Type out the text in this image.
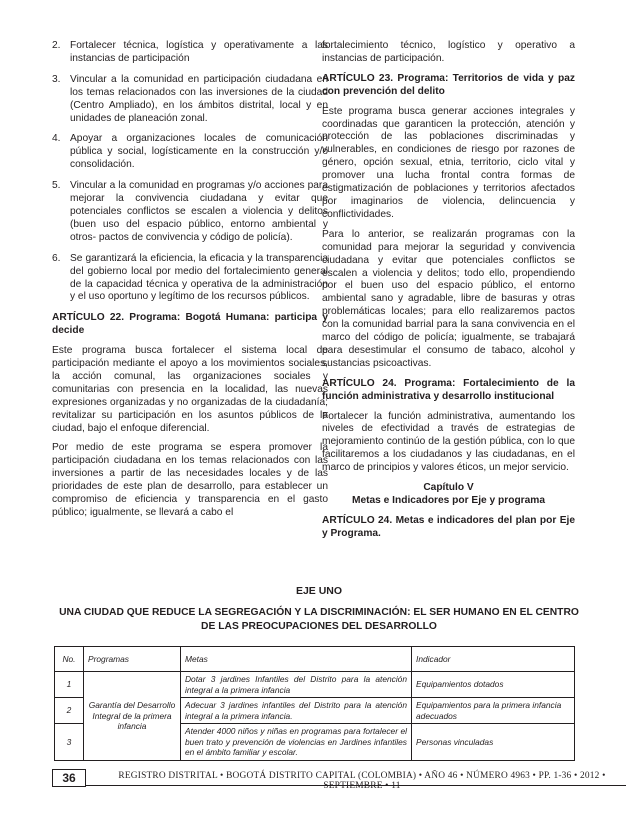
2. Fortalecer técnica, logística y operativamente a las instancias de participación
3. Vincular a la comunidad en participación ciudadana en los temas relacionados con las inversiones de la ciudad (Centro Ampliado), en los ámbitos distrital, local y en unidades de planeación zonal.
4. Apoyar a organizaciones locales de comunicación pública y social, logísticamente en la construcción y/o consolidación.
5. Vincular a la comunidad en programas y/o acciones para mejorar la convivencia ciudadana y evitar que potenciales conflictos se escalen a violencia y delitos (buen uso del espacio público, entorno ambiental y otros- pactos de convivencia y código de policía).
6. Se garantizará la eficiencia, la eficacia y la transparencia del gobierno local por medio del fortalecimiento general de la capacidad técnica y operativa de la administración y el uso oportuno y legítimo de los recursos públicos.
ARTÍCULO 22. Programa: Bogotá Humana: participa y decide

Este programa busca fortalecer el sistema local de participación mediante el apoyo a los movimientos sociales, la acción comunal, las organizaciones sociales y comunitarias con presencia en la localidad, las nuevas expresiones organizadas y no organizadas de la ciudadanía; revitalizar su participación en los asuntos públicos de la ciudad, bajo el enfoque diferencial.

Por medio de este programa se espera promover la participación ciudadana en los temas relacionados con las inversiones a partir de las necesidades locales y de las prioridades de este plan de desarrollo, para establecer un compromiso de eficiencia y transparencia en el gasto público; igualmente, se llevará a cabo el

fortalecimiento técnico, logístico y operativo a instancias de participación.

ARTÍCULO 23. Programa: Territorios de vida y paz con prevención del delito

Este programa busca generar acciones integrales y coordinadas que garanticen la protección, atención y protección de las poblaciones discriminadas y vulnerables, en condiciones de riesgo por razones de género, opción sexual, etnia, territorio, ciclo vital y promover una lucha frontal contra formas de estigmatización de poblaciones y territorios afectados por imaginarios de violencia, delincuencia y conflictividades.

Para lo anterior, se realizarán programas con la comunidad para mejorar la seguridad y convivencia ciudadana y evitar que potenciales conflictos se escalen a violencia y delitos; todo ello, propendiendo por el buen uso del espacio público, el entorno ambiental sano y agradable, libre de basuras y otras problemáticas locales; para ello realizaremos pactos con la comunidad barrial para la sana convivencia en el marco del código de policía; igualmente, se trabajará para desestimular el consumo de tabaco, alcohol y sustancias psicoactivas.

ARTÍCULO 24. Programa: Fortalecimiento de la función administrativa y desarrollo institucional

Fortalecer la función administrativa, aumentando los niveles de efectividad a través de estrategias de mejoramiento continúo de la gestión pública, con lo que facilitaremos a los ciudadanos y las ciudadanas, en el marco de principios y valores éticos, un mejor servicio.

Capítulo V
Metas e Indicadores por Eje y programa
ARTÍCULO 24. Metas e indicadores del plan por Eje y Programa.
EJE UNO
UNA CIUDAD QUE REDUCE LA SEGREGACIÓN Y LA DISCRIMINACIÓN: EL SER HUMANO EN EL CENTRO DE LAS PREOCUPACIONES DEL DESARROLLO
No.	Programas	Metas	Indicador
1	Garantía del Desarrollo Integral de la primera infancia	Dotar 3 jardines Infantiles del Distrito para la atención integral a la primera infancia	Equipamientos dotados
2		Adecuar 3 jardines infantiles del Distrito para la atención integral a la primera infancia.	Equipamientos para la primera infancia adecuados
3		Atender 4000 niños y niñas en programas para fortalecer el buen trato y prevención de violencias en Jardines infantiles en el ámbito familiar y escolar.	Personas vinculadas
36	REGISTRO DISTRITAL • BOGOTÁ DISTRITO CAPITAL (COLOMBIA) • AÑO 46 • NÚMERO 4963 • PP. 1-36 • 2012 • SEPTIEMBRE • 11
